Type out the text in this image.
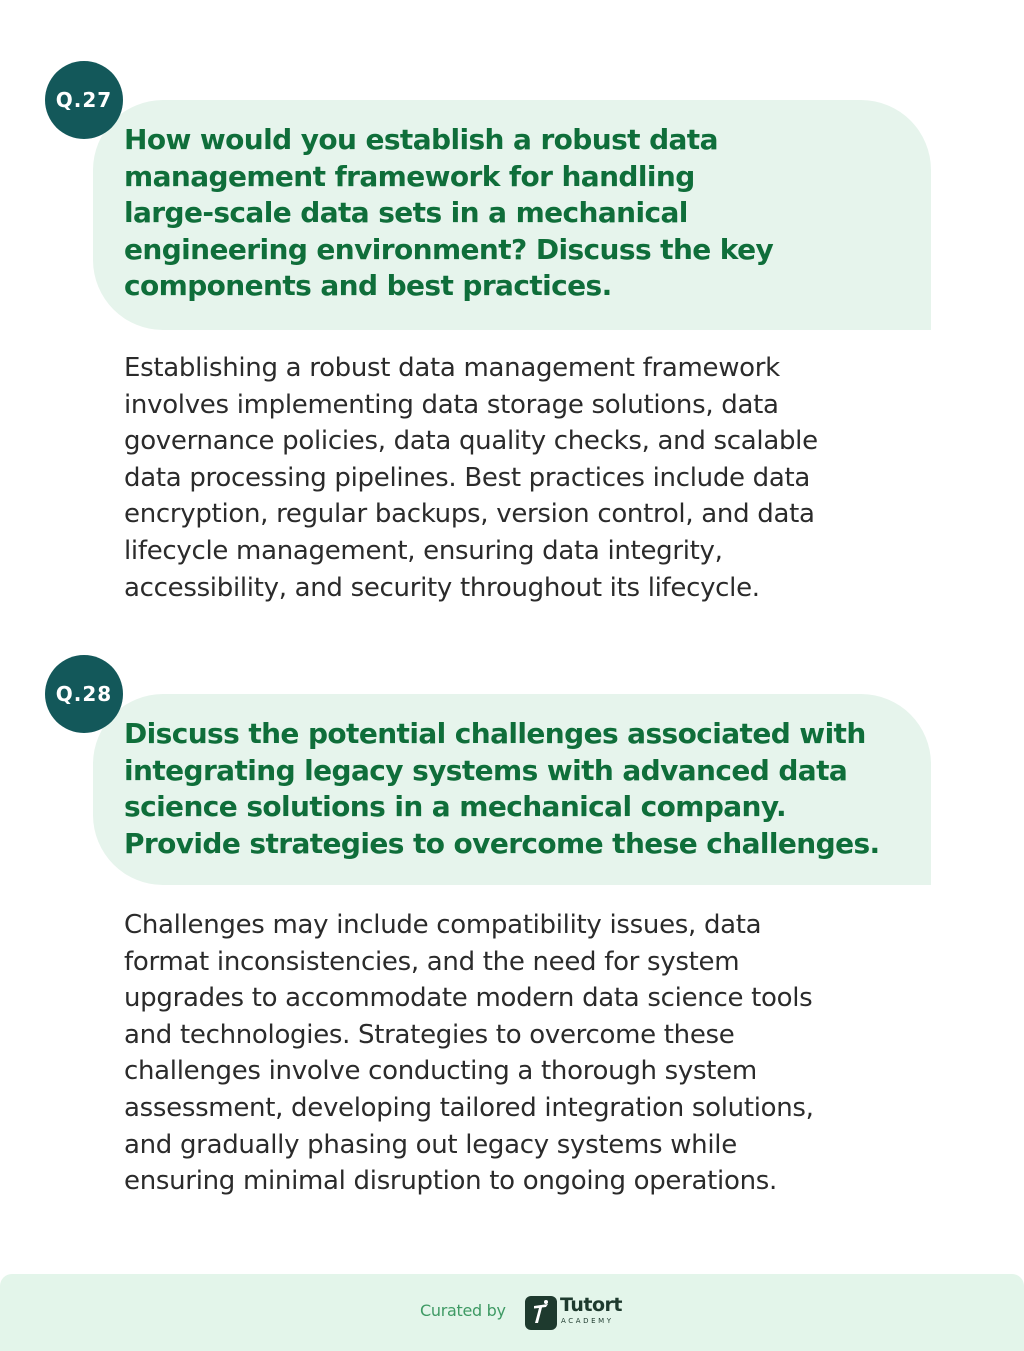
Q.27

How would you establish a robust data
management framework for handling
large-scale data sets in a mechanical
engineering environment? Discuss the key
components and best practices.

Establishing a robust data management framework
involves implementing data storage solutions, data
governance policies, data quality checks, and scalable
data processing pipelines. Best practices include data
encryption, regular backups, version control, and data
lifecycle management, ensuring data integrity,
accessibility, and security throughout its lifecycle.

Q.28

Discuss the potential challenges associated with
integrating legacy systems with advanced data
science solutions in a mechanical company.
Provide strategies to overcome these challenges.

Challenges may include compatibility issues, data
format inconsistencies, and the need for system
upgrades to accommodate modern data science tools
and technologies. Strategies to overcome these
challenges involve conducting a thorough system
assessment, developing tailored integration solutions,
and gradually phasing out legacy systems while
ensuring minimal disruption to ongoing operations.

Curated by	Tutort
ACADEMY
